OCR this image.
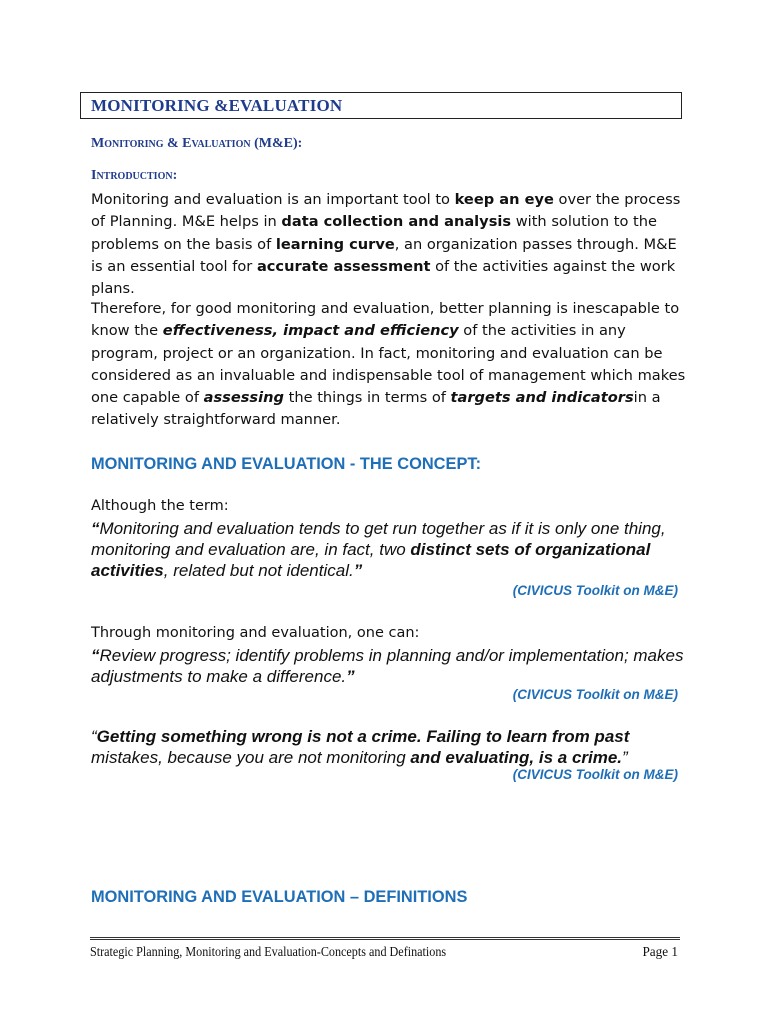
MONITORING &EVALUATION
Monitoring & Evaluation (M&E):
Introduction:
Monitoring and evaluation is an important tool to keep an eye over the process of Planning. M&E helps in data collection and analysis with solution to the problems on the basis of learning curve, an organization passes through. M&E is an essential tool for accurate assessment of the activities against the work plans.
Therefore, for good monitoring and evaluation, better planning is inescapable to know the effectiveness, impact and efficiency of the activities in any program, project or an organization. In fact, monitoring and evaluation can be considered as an invaluable and indispensable tool of management which makes one capable of assessing the things in terms of targets and indicatorsin a relatively straightforward manner.
MONITORING AND EVALUATION - THE CONCEPT:
Although the term:
“Monitoring and evaluation tends to get run together as if it is only one thing, monitoring and evaluation are, in fact, two distinct sets of organizational activities, related but not identical.”
(CIVICUS Toolkit on M&E)
Through monitoring and evaluation, one can:
“Review progress; identify problems in planning and/or implementation; makes adjustments to make a difference.”
(CIVICUS Toolkit on M&E)
“Getting something wrong is not a crime. Failing to learn from past mistakes, because you are not monitoring and evaluating, is a crime.”
(CIVICUS Toolkit on M&E)
MONITORING AND EVALUATION – DEFINITIONS
Strategic Planning, Monitoring and Evaluation-Concepts and Definations	Page 1
